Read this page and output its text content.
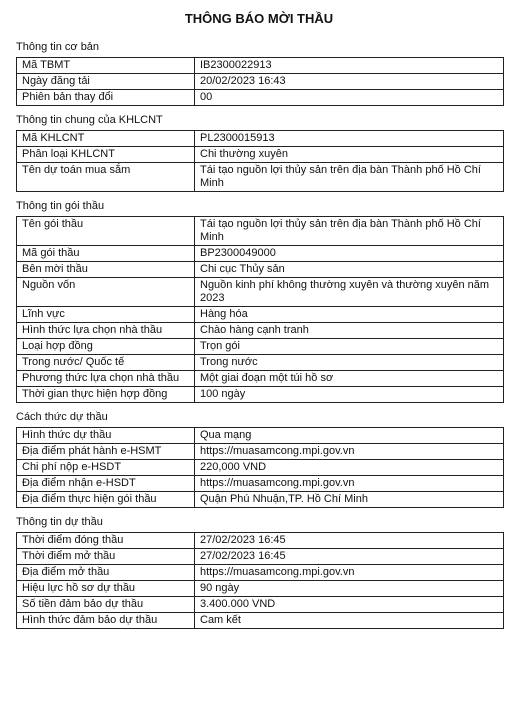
THÔNG BÁO MỜI THẦU
Thông tin cơ bản
Mã TBMT	IB2300022913
Ngày đăng tải	20/02/2023 16:43
Phiên bản thay đổi	00
Thông tin chung của KHLCNT
Mã KHLCNT	PL2300015913
Phân loại KHLCNT	Chi thường xuyên
Tên dự toán mua sắm	Tái tạo nguồn lợi thủy sản trên địa bàn Thành phố Hồ Chí Minh
Thông tin gói thầu
Tên gói thầu	Tái tạo nguồn lợi thủy sản trên địa bàn Thành phố Hồ Chí Minh
Mã gói thầu	BP2300049000
Bên mời thầu	Chi cục Thủy sản
Nguồn vốn	Nguồn kinh phí không thường xuyên và thường xuyên năm 2023
Lĩnh vực	Hàng hóa
Hình thức lựa chọn nhà thầu	Chào hàng cạnh tranh
Loại hợp đồng	Trọn gói
Trong nước/ Quốc tế	Trong nước
Phương thức lựa chọn nhà thầu	Một giai đoạn một túi hồ sơ
Thời gian thực hiện hợp đồng	100 ngày
Cách thức dự thầu
Hình thức dự thầu	Qua mạng
Địa điểm phát hành e-HSMT	https://muasamcong.mpi.gov.vn
Chi phí nộp e-HSDT	220,000 VND
Địa điểm nhận e-HSDT	https://muasamcong.mpi.gov.vn
Địa điểm thực hiện gói thầu	Quận Phú Nhuận,TP. Hồ Chí Minh
Thông tin dự thầu
Thời điểm đóng thầu	27/02/2023 16:45
Thời điểm mở thầu	27/02/2023 16:45
Địa điểm mở thầu	https://muasamcong.mpi.gov.vn
Hiệu lực hồ sơ dự thầu	90 ngày
Số tiền đảm bảo dự thầu	3.400.000 VND
Hình thức đảm bảo dự thầu	Cam kết
